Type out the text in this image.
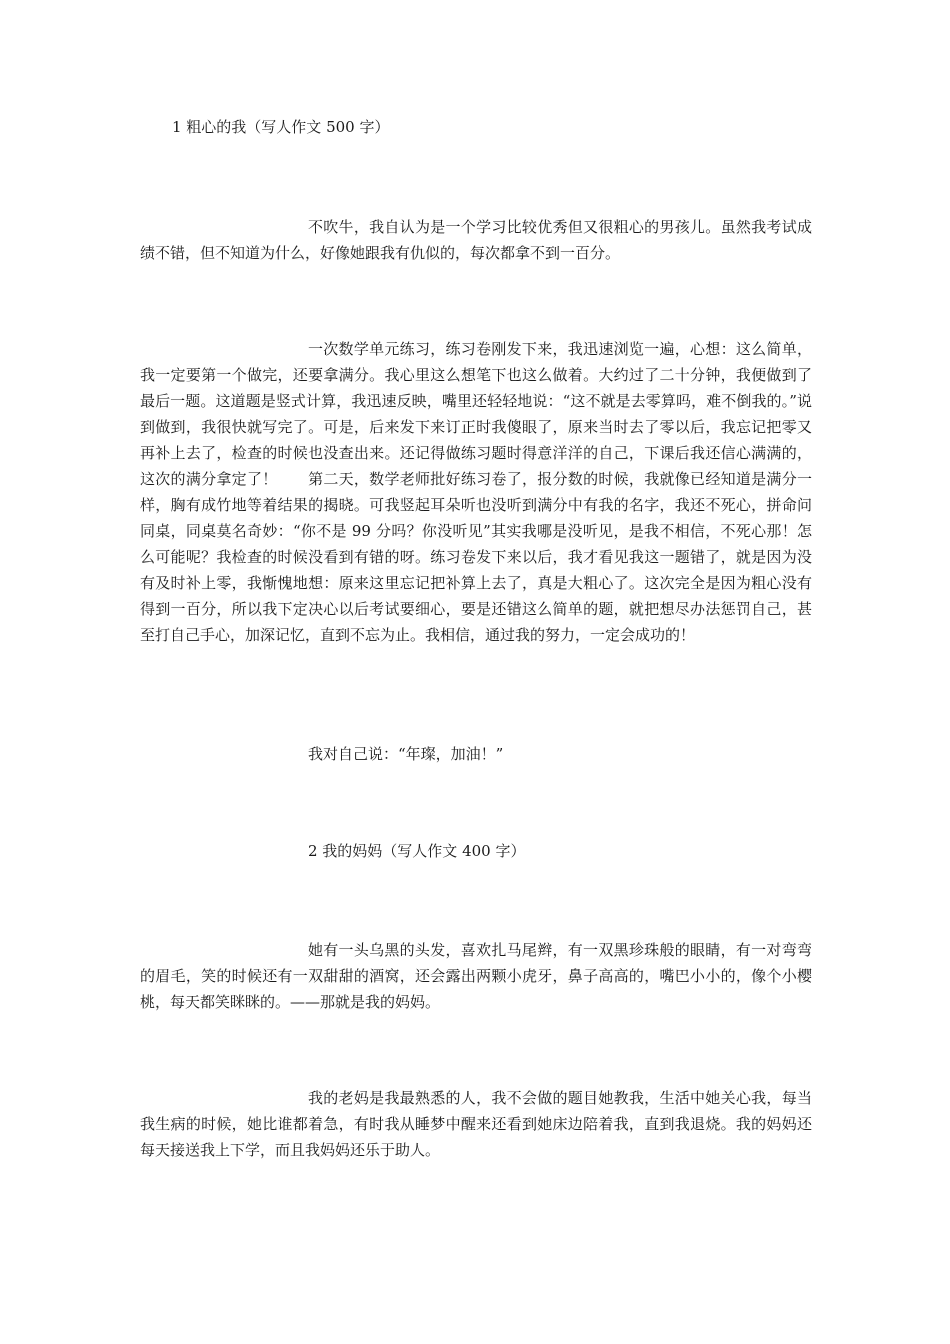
1 粗心的我（写人作文 500 字）

不吹牛，我自认为是一个学习比较优秀但又很粗心的男孩儿。虽然我考试成绩不错，但不知道为什么，好像她跟我有仇似的，每次都拿不到一百分。

一次数学单元练习，练习卷刚发下来，我迅速浏览一遍，心想：这么简单，我一定要第一个做完，还要拿满分。我心里这么想笔下也这么做着。大约过了二十分钟，我便做到了最后一题。这道题是竖式计算，我迅速反映，嘴里还轻轻地说：“这不就是去零算吗，难不倒我的。”说到做到，我很快就写完了。可是，后来发下来订正时我傻眼了，原来当时去了零以后，我忘记把零又再补上去了，检查的时候也没查出来。还记得做练习题时得意洋洋的自己，下课后我还信心满满的，这次的满分拿定了！　　第二天，数学老师批好练习卷了，报分数的时候，我就像已经知道是满分一样，胸有成竹地等着结果的揭晓。可我竖起耳朵听也没听到满分中有我的名字，我还不死心，拼命问同桌，同桌莫名奇妙：“你不是 99 分吗？你没听见”其实我哪是没听见，是我不相信，不死心那！怎么可能呢？我检查的时候没看到有错的呀。练习卷发下来以后，我才看见我这一题错了，就是因为没有及时补上零，我惭愧地想：原来这里忘记把补算上去了，真是大粗心了。这次完全是因为粗心没有得到一百分，所以我下定决心以后考试要细心，要是还错这么简单的题，就把想尽办法惩罚自己，甚至打自己手心，加深记忆，直到不忘为止。我相信，通过我的努力，一定会成功的！

我对自己说：“年璨，加油！”
2 我的妈妈（写人作文 400 字）

她有一头乌黑的头发，喜欢扎马尾辫，有一双黑珍珠般的眼睛，有一对弯弯的眉毛，笑的时候还有一双甜甜的酒窝，还会露出两颗小虎牙，鼻子高高的，嘴巴小小的，像个小樱桃，每天都笑眯眯的。——那就是我的妈妈。

我的老妈是我最熟悉的人，我不会做的题目她教我，生活中她关心我，每当我生病的时候，她比谁都着急，有时我从睡梦中醒来还看到她床边陪着我，直到我退烧。我的妈妈还每天接送我上下学，而且我妈妈还乐于助人。
